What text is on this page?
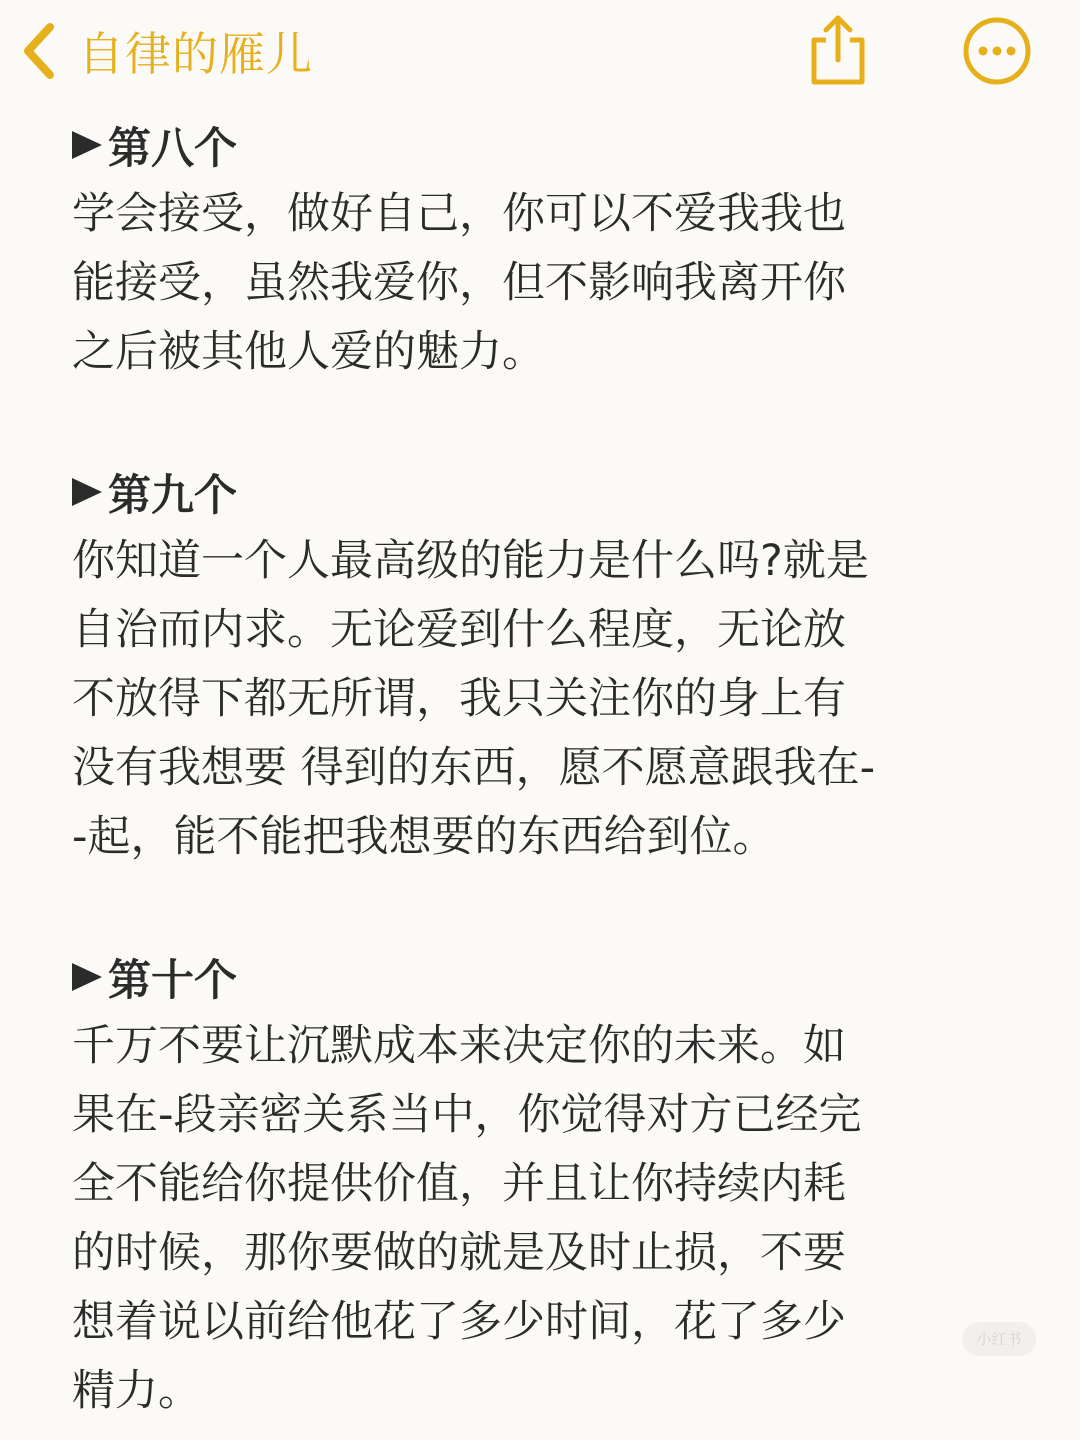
自律的雁儿
第八个
学会接受，做好自己，你可以不爱我我也
能接受，虽然我爱你，但不影响我离开你
之后被其他人爱的魅力。
第九个
你知道一个人最高级的能力是什么吗?就是
自治而内求。无论爱到什么程度，无论放
不放得下都无所谓，我只关注你的身上有
没有我想要 得到的东西，愿不愿意跟我在-
-起，能不能把我想要的东西给到位。
第十个
千万不要让沉默成本来决定你的未来。如
果在-段亲密关系当中，你觉得对方已经完
全不能给你提供价值，并且让你持续内耗
的时候，那你要做的就是及时止损，不要
想着说以前给他花了多少时间，花了多少
精力。
小红书
